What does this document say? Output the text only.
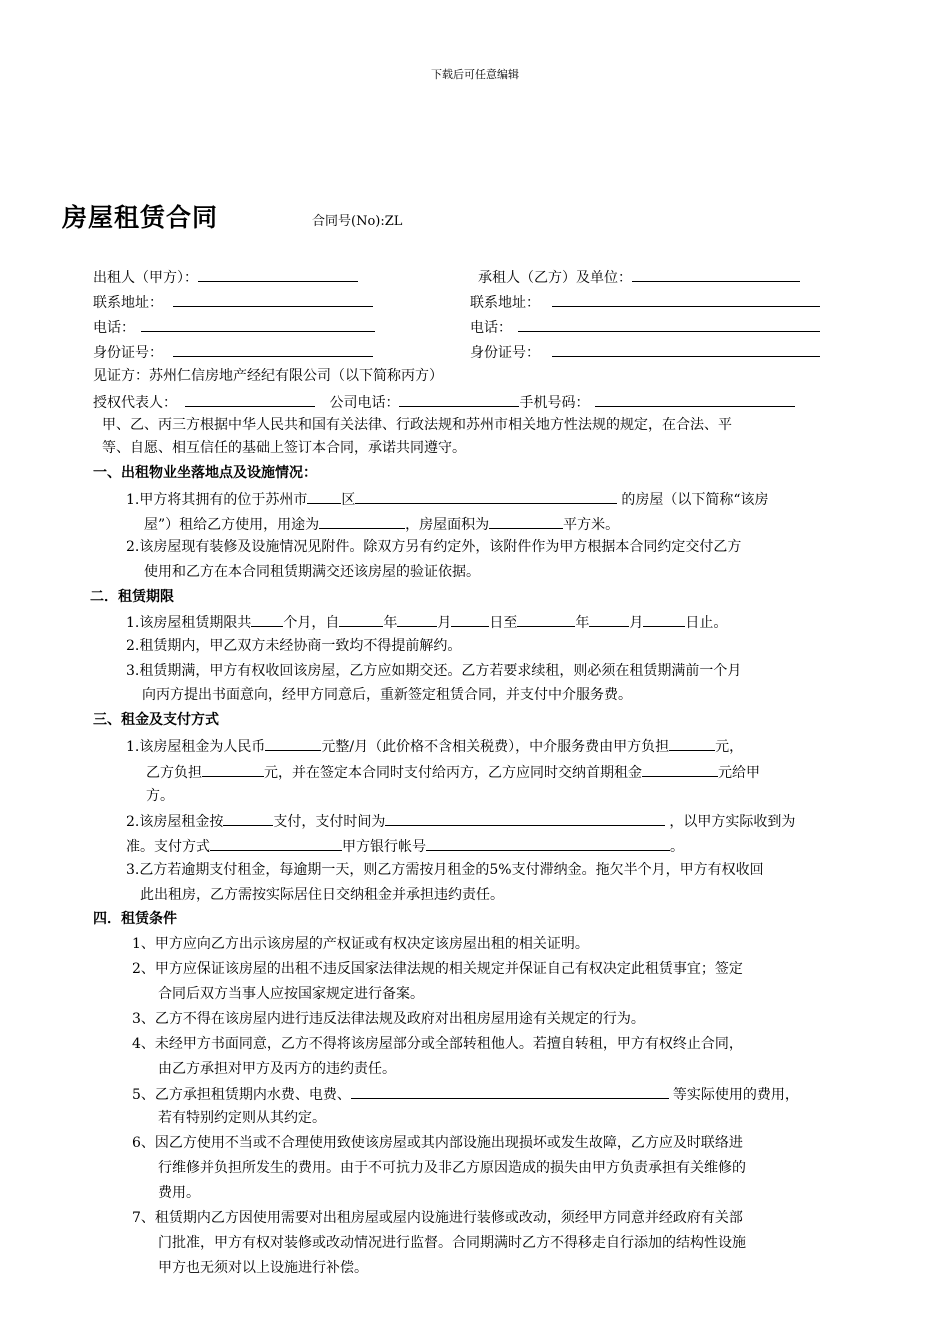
下载后可任意编辑
房屋租赁合同	合同号(No):ZL
出租人（甲方）：	承租人（乙方）及单位：
联系地址：	联系地址：
电话：	电话：
身份证号：	身份证号：
见证方：苏州仁信房地产经纪有限公司（以下简称丙方）
授权代表人：	公司电话：	手机号码：
甲、乙、丙三方根据中华人民共和国有关法律、行政法规和苏州市相关地方性法规的规定，在合法、平
等、自愿、相互信任的基础上签订本合同，承诺共同遵守。
一、出租物业坐落地点及设施情况：
1.甲方将其拥有的位于苏州市 区	的房屋（以下简称“该房
屋”）租给乙方使用，用途为	，房屋面积为	平方米。
2.该房屋现有装修及设施情况见附件。除双方另有约定外，该附件作为甲方根据本合同约定交付乙方
使用和乙方在本合同租赁期满交还该房屋的验证依据。
二．租赁期限
1.该房屋租赁期限共 个月，自	年	月	日至	年	月	日止。
2.租赁期内，甲乙双方未经协商一致均不得提前解约。
3.租赁期满，甲方有权收回该房屋，乙方应如期交还。乙方若要求续租，则必须在租赁期满前一个月
向丙方提出书面意向，经甲方同意后，重新签定租赁合同，并支付中介服务费。
三、租金及支付方式
1.该房屋租金为人民币	元整/月（此价格不含相关税费），中介服务费由甲方负担	元，
乙方负担	元，并在签定本合同时支付给丙方，乙方应同时交纳首期租金	元给甲
方。
2.该房屋租金按	支付，支付时间为	，以甲方实际收到为
准。支付方式	甲方银行帐号	。
3.乙方若逾期支付租金，每逾期一天，则乙方需按月租金的5%支付滞纳金。拖欠半个月，甲方有权收回
此出租房，乙方需按实际居住日交纳租金并承担违约责任。
四．租赁条件
1、甲方应向乙方出示该房屋的产权证或有权决定该房屋出租的相关证明。
2、甲方应保证该房屋的出租不违反国家法律法规的相关规定并保证自己有权决定此租赁事宜；签定
合同后双方当事人应按国家规定进行备案。
3、乙方不得在该房屋内进行违反法律法规及政府对出租房屋用途有关规定的行为。
4、未经甲方书面同意，乙方不得将该房屋部分或全部转租他人。若擅自转租，甲方有权终止合同，
由乙方承担对甲方及丙方的违约责任。
5、乙方承担租赁期内水费、电费、	等实际使用的费用，
若有特别约定则从其约定。
6、因乙方使用不当或不合理使用致使该房屋或其内部设施出现损坏或发生故障，乙方应及时联络进
行维修并负担所发生的费用。由于不可抗力及非乙方原因造成的损失由甲方负责承担有关维修的
费用。
7、租赁期内乙方因使用需要对出租房屋或屋内设施进行装修或改动，须经甲方同意并经政府有关部
门批准，甲方有权对装修或改动情况进行监督。合同期满时乙方不得移走自行添加的结构性设施
甲方也无须对以上设施进行补偿。
